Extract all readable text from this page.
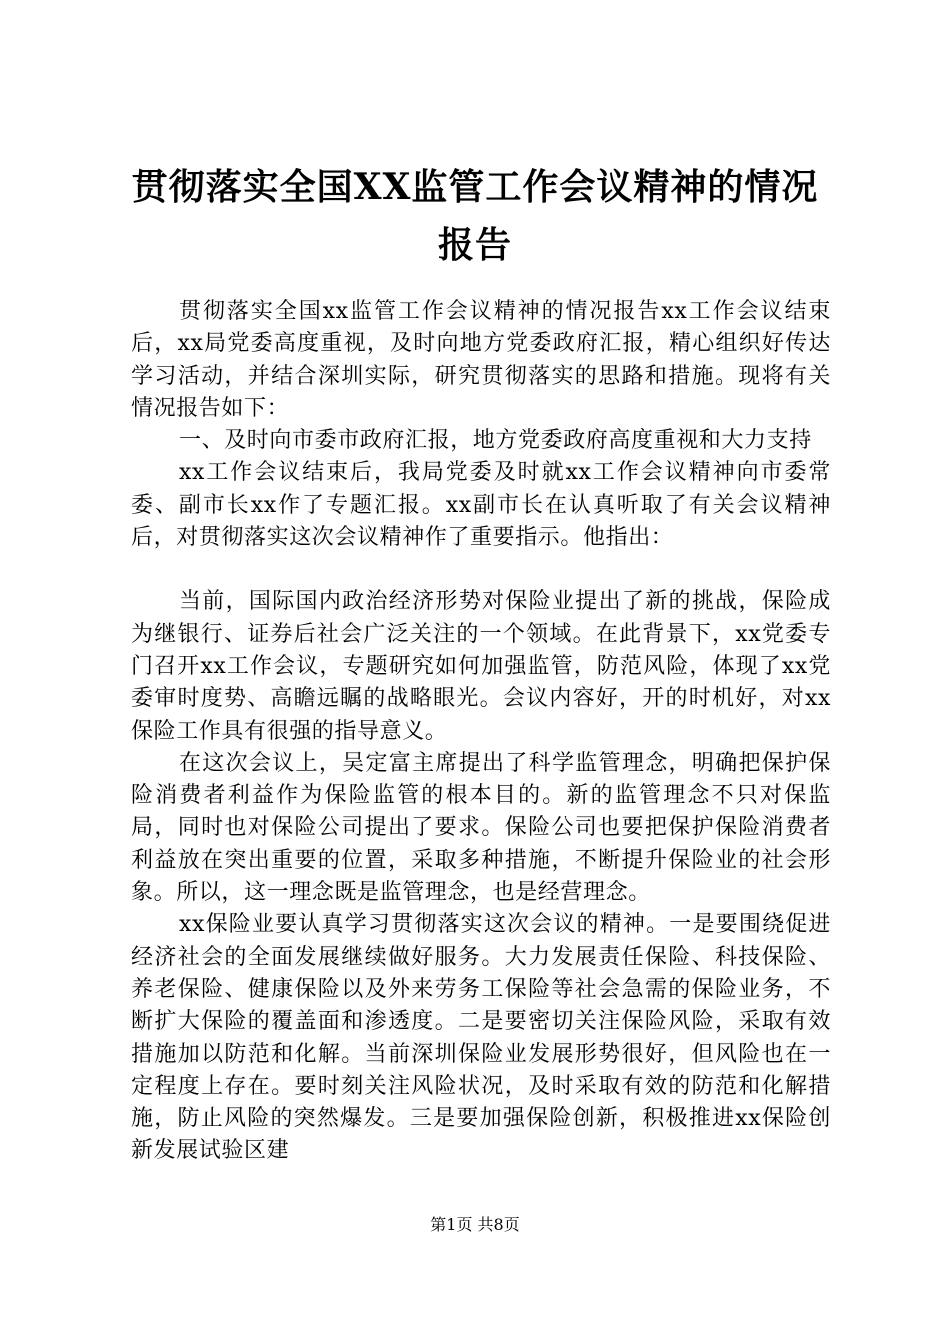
贯彻落实全国XX监管工作会议精神的情况报告

贯彻落实全国xx监管工作会议精神的情况报告xx工作会议结束后，xx局党委高度重视，及时向地方党委政府汇报，精心组织好传达学习活动，并结合深圳实际，研究贯彻落实的思路和措施。现将有关情况报告如下：

一、及时向市委市政府汇报，地方党委政府高度重视和大力支持

xx工作会议结束后，我局党委及时就xx工作会议精神向市委常委、副市长xx作了专题汇报。xx副市长在认真听取了有关会议精神后，对贯彻落实这次会议精神作了重要指示。他指出：

当前，国际国内政治经济形势对保险业提出了新的挑战，保险成为继银行、证券后社会广泛关注的一个领域。在此背景下，xx党委专门召开xx工作会议，专题研究如何加强监管，防范风险，体现了xx党委审时度势、高瞻远瞩的战略眼光。会议内容好，开的时机好，对xx保险工作具有很强的指导意义。

在这次会议上，吴定富主席提出了科学监管理念，明确把保护保险消费者利益作为保险监管的根本目的。新的监管理念不只对保监局，同时也对保险公司提出了要求。保险公司也要把保护保险消费者利益放在突出重要的位置，采取多种措施，不断提升保险业的社会形象。所以，这一理念既是监管理念，也是经营理念。

xx保险业要认真学习贯彻落实这次会议的精神。一是要围绕促进经济社会的全面发展继续做好服务。大力发展责任保险、科技保险、养老保险、健康保险以及外来劳务工保险等社会急需的保险业务，不断扩大保险的覆盖面和渗透度。二是要密切关注保险风险，采取有效措施加以防范和化解。当前深圳保险业发展形势很好，但风险也在一定程度上存在。要时刻关注风险状况，及时采取有效的防范和化解措施，防止风险的突然爆发。三是要加强保险创新，积极推进xx保险创新发展试验区建

第1页 共8页
